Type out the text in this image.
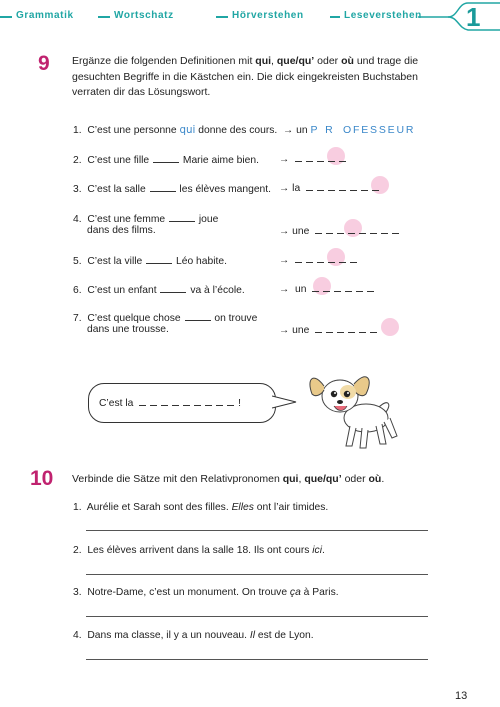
Grammatik	Wortschatz	Hörverstehen	Leseverstehen 1
9 Ergänze die folgenden Definitionen mit qui, que/qu’ oder où und trage die gesuchten Begriffe in die Kästchen ein. Die dick eingekreisten Buchstaben verraten dir das Lösungswort.
1. C’est une personne qui donne des cours. → un P R OFESSEUR
2. C’est une fille	Marie aime bien. →
3. C’est la salle	les élèves mangent. → la
4. C’est une femme	joue
dans des films.	→ une
5. C’est la ville	Léo habite.	→
6. C’est un enfant	va à l’école.	→ un
7. C’est quelque chose	on trouve
dans une trousse.	→ une
C’est la	!
10 Verbinde die Sätze mit den Relativpronomen qui, que/qu’ oder où.
1. Aurélie et Sarah sont des filles. Elles ont l’air timides.
2. Les élèves arrivent dans la salle 18. Ils ont cours ici.
3. Notre-Dame, c’est un monument. On trouve ça à Paris.
4. Dans ma classe, il y a un nouveau. Il est de Lyon.
13
